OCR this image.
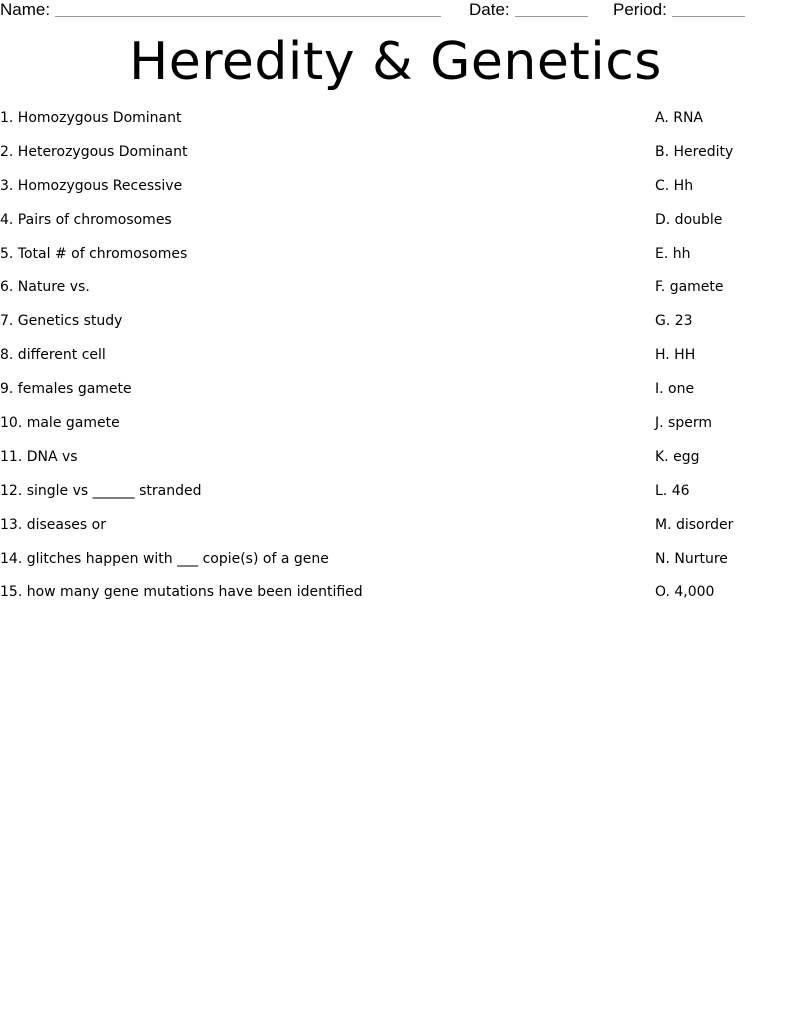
Name:	Date:	Period:
Heredity & Genetics
1. Homozygous Dominant
2. Heterozygous Dominant
3. Homozygous Recessive
4. Pairs of chromosomes
5. Total # of chromosomes
6. Nature vs.
7. Genetics study
8. different cell
9. females gamete
10. male gamete
11. DNA vs
12. single vs ______ stranded
13. diseases or
14. glitches happen with ___ copie(s) of a gene
15. how many gene mutations have been identified
A. RNA
B. Heredity
C. Hh
D. double
E. hh
F. gamete
G. 23
H. HH
I. one
J. sperm
K. egg
L. 46
M. disorder
N. Nurture
O. 4,000
